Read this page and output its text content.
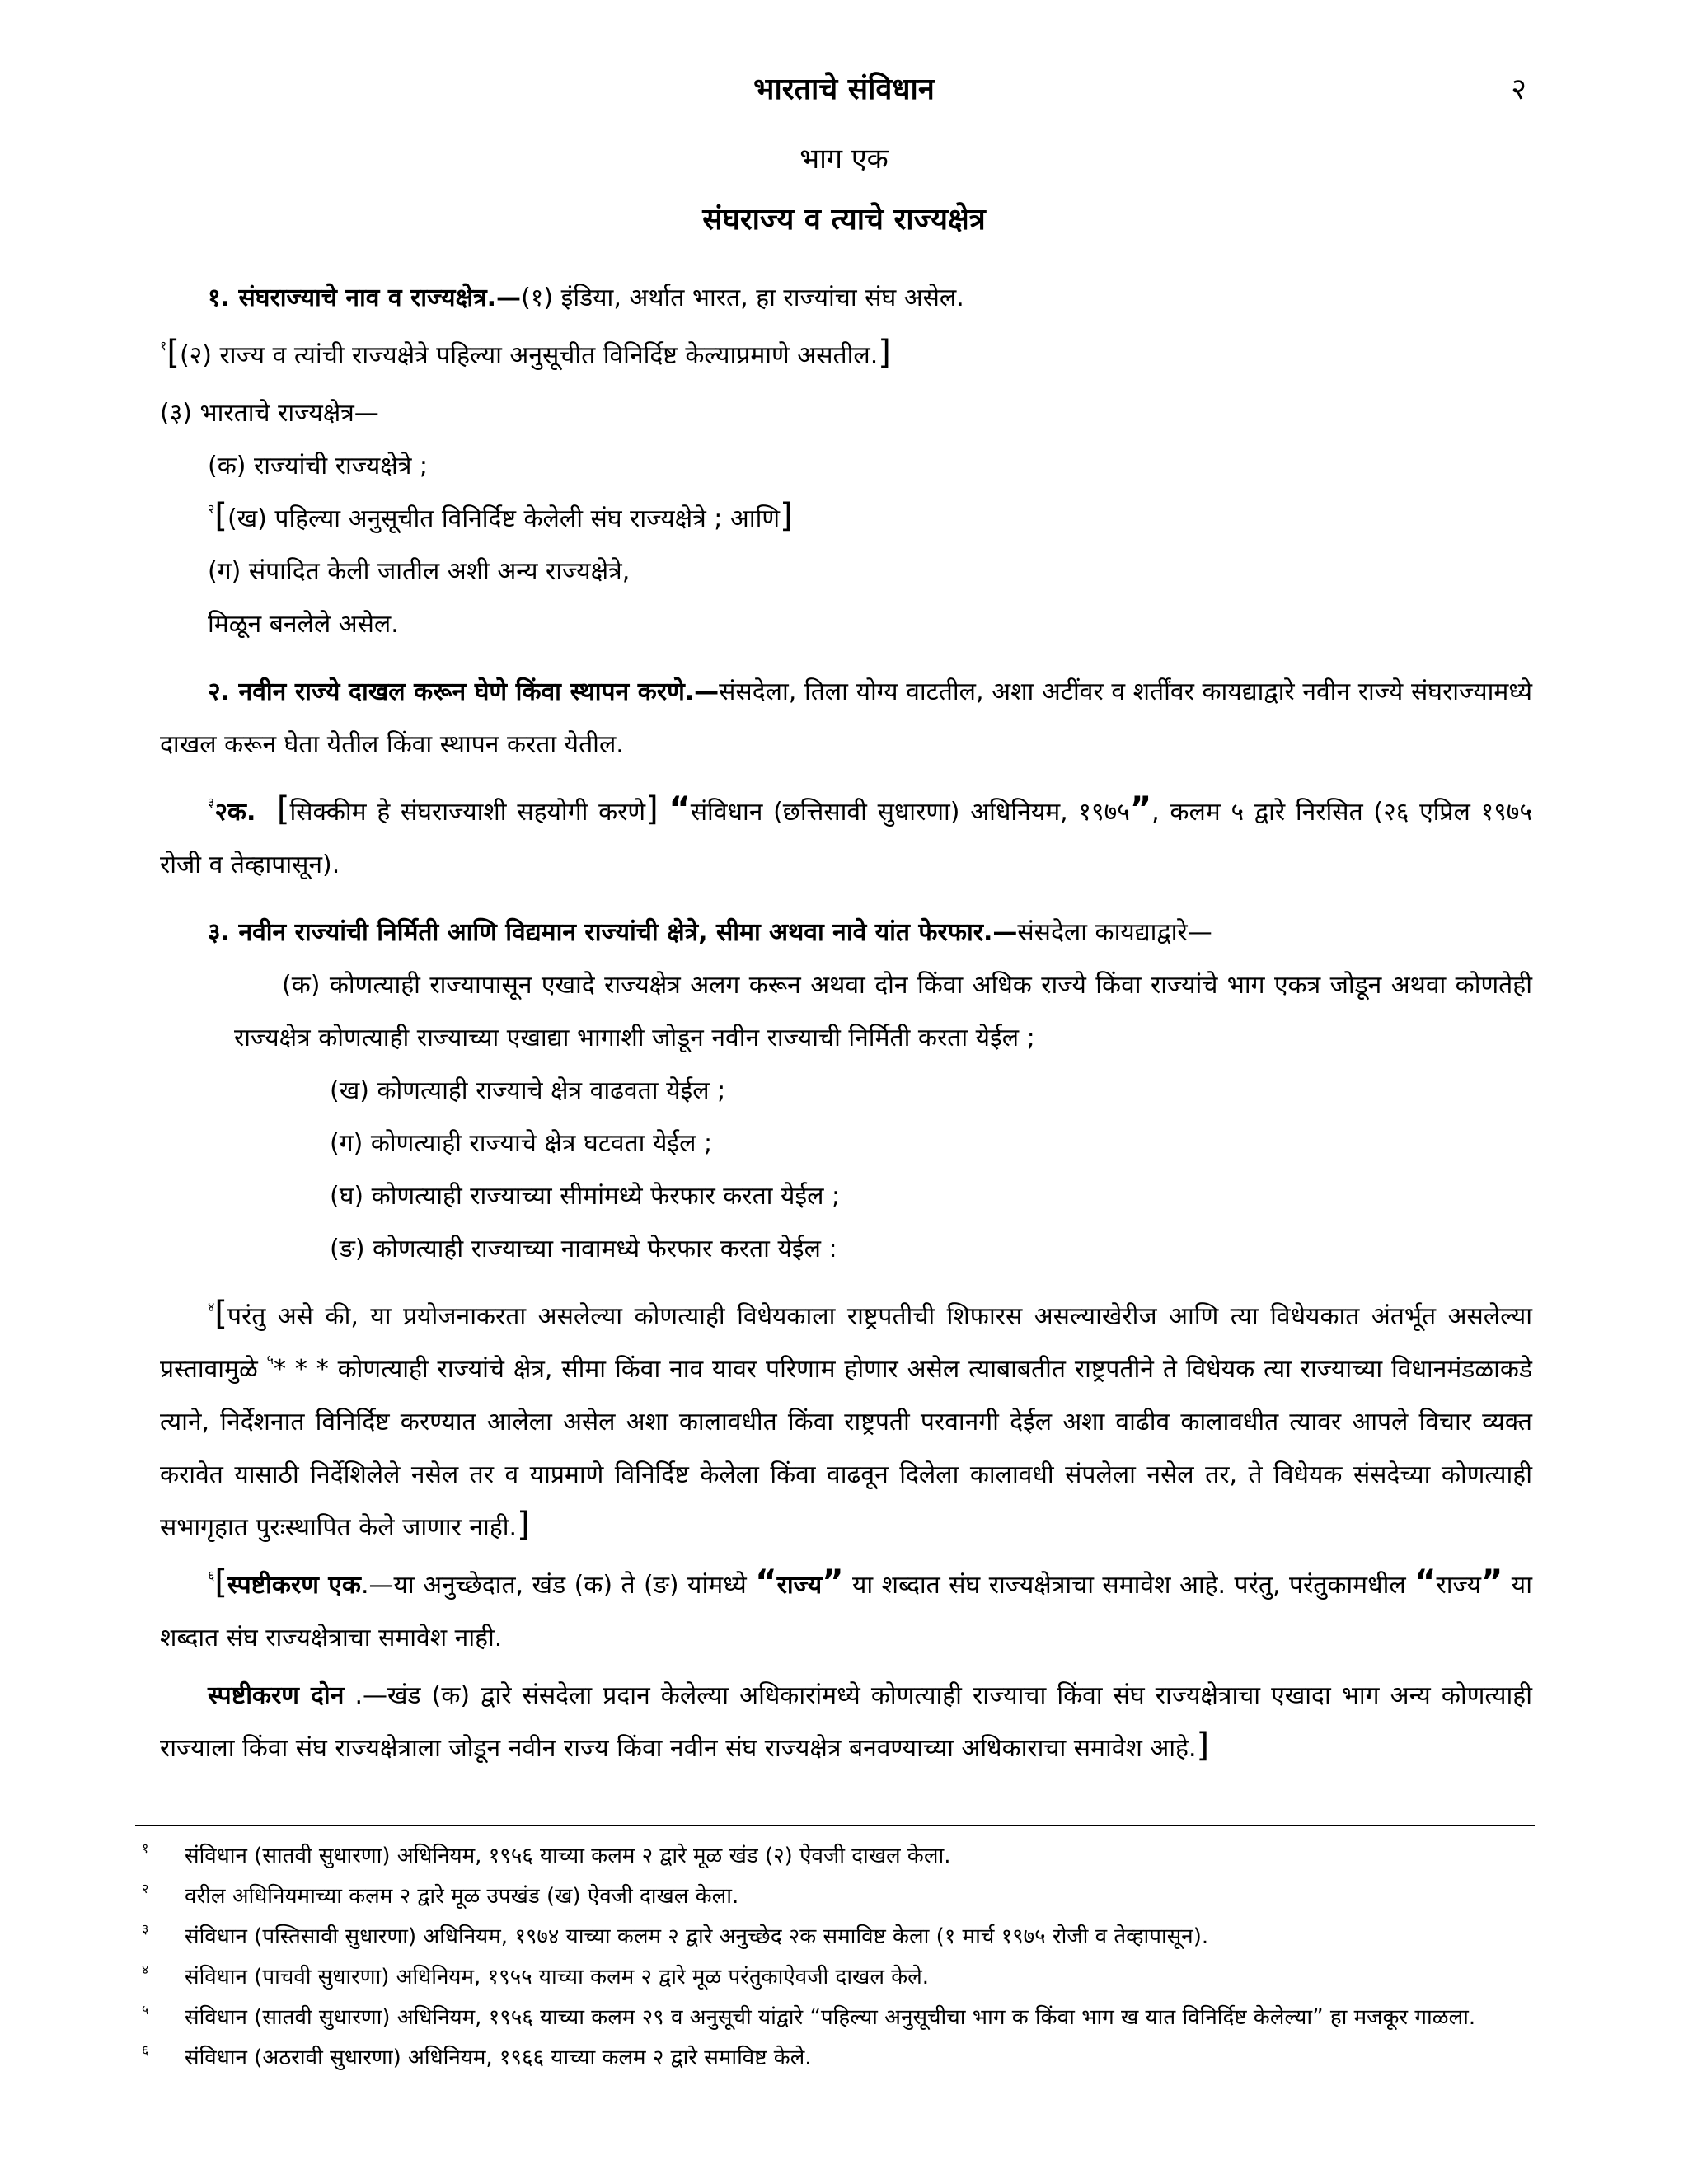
भारताचे संविधान	२
भाग एक
संघराज्य व त्याचे राज्यक्षेत्र

१. संघराज्याचे नाव व राज्यक्षेत्र.—(१) इंडिया, अर्थात भारत, हा राज्यांचा संघ असेल.

$^१$[(२) राज्य व त्यांची राज्यक्षेत्रे पहिल्या अनुसूचीत विनिर्दिष्ट केल्याप्रमाणे असतील.]

(३) भारताचे राज्यक्षेत्र—

(क) राज्यांची राज्यक्षेत्रे ;

$^२$[(ख) पहिल्या अनुसूचीत विनिर्दिष्ट केलेली संघ राज्यक्षेत्रे ; आणि]

(ग) संपादित केली जातील अशी अन्य राज्यक्षेत्रे,

मिळून बनलेले असेल.

२. नवीन राज्ये दाखल करून घेणे किंवा स्थापन करणे.—संसदेला, तिला योग्य वाटतील, अशा अटींवर व शर्तींवर कायद्याद्वारे नवीन राज्ये संघराज्यामध्ये दाखल करून घेता येतील किंवा स्थापन करता येतील.

$^३$२क. [सिक्कीम हे संघराज्याशी सहयोगी करणे] “संविधान (छत्तिसावी सुधारणा) अधिनियम, १९७५”, कलम ५ द्वारे निरसित (२६ एप्रिल १९७५ रोजी व तेव्हापासून).

३. नवीन राज्यांची निर्मिती आणि विद्यमान राज्यांची क्षेत्रे, सीमा अथवा नावे यांत फेरफार.—संसदेला कायद्याद्वारे—

(क) कोणत्याही राज्यापासून एखादे राज्यक्षेत्र अलग करून अथवा दोन किंवा अधिक राज्ये किंवा राज्यांचे भाग एकत्र जोडून अथवा कोणतेही राज्यक्षेत्र कोणत्याही राज्याच्या एखाद्या भागाशी जोडून नवीन राज्याची निर्मिती करता येईल ;

(ख) कोणत्याही राज्याचे क्षेत्र वाढवता येईल ;

(ग) कोणत्याही राज्याचे क्षेत्र घटवता येईल ;

(घ) कोणत्याही राज्याच्या सीमांमध्ये फेरफार करता येईल ;

(ङ) कोणत्याही राज्याच्या नावामध्ये फेरफार करता येईल :

$^४$[परंतु असे की, या प्रयोजनाकरता असलेल्या कोणत्याही विधेयकाला राष्ट्रपतीची शिफारस असल्याखेरीज आणि त्या विधेयकात अंतर्भूत असलेल्या प्रस्तावामुळे $^५$* * * कोणत्याही राज्यांचे क्षेत्र, सीमा किंवा नाव यावर परिणाम होणार असेल त्याबाबतीत राष्ट्रपतीने ते विधेयक त्या राज्याच्या विधानमंडळाकडे त्याने, निर्देशनात विनिर्दिष्ट करण्यात आलेला असेल अशा कालावधीत किंवा राष्ट्रपती परवानगी देईल अशा वाढीव कालावधीत त्यावर आपले विचार व्यक्त करावेत यासाठी निर्देशिलेले नसेल तर व याप्रमाणे विनिर्दिष्ट केलेला किंवा वाढवून दिलेला कालावधी संपलेला नसेल तर, ते विधेयक संसदेच्या कोणत्याही सभागृहात पुरःस्थापित केले जाणार नाही.]

$^६$[स्पष्टीकरण एक.—या अनुच्छेदात, खंड (क) ते (ङ) यांमध्ये “राज्य” या शब्दात संघ राज्यक्षेत्राचा समावेश आहे. परंतु, परंतुकामधील “राज्य” या शब्दात संघ राज्यक्षेत्राचा समावेश नाही.

स्पष्टीकरण दोन .—खंड (क) द्वारे संसदेला प्रदान केलेल्या अधिकारांमध्ये कोणत्याही राज्याचा किंवा संघ राज्यक्षेत्राचा एखादा भाग अन्य कोणत्याही राज्याला किंवा संघ राज्यक्षेत्राला जोडून नवीन राज्य किंवा नवीन संघ राज्यक्षेत्र बनवण्याच्या अधिकाराचा समावेश आहे.]

१	संविधान (सातवी सुधारणा) अधिनियम, १९५६ याच्या कलम २ द्वारे मूळ खंड (२) ऐवजी दाखल केला.
२	वरील अधिनियमाच्या कलम २ द्वारे मूळ उपखंड (ख) ऐवजी दाखल केला.
३	संविधान (पस्तिसावी सुधारणा) अधिनियम, १९७४ याच्या कलम २ द्वारे अनुच्छेद २क समाविष्ट केला (१ मार्च १९७५ रोजी व तेव्हापासून).
४	संविधान (पाचवी सुधारणा) अधिनियम, १९५५ याच्या कलम २ द्वारे मूळ परंतुकाऐवजी दाखल केले.
५	संविधान (सातवी सुधारणा) अधिनियम, १९५६ याच्या कलम २९ व अनुसूची यांद्वारे “पहिल्या अनुसूचीचा भाग क किंवा भाग ख यात विनिर्दिष्ट केलेल्या” हा मजकूर गाळला.
६	संविधान (अठरावी सुधारणा) अधिनियम, १९६६ याच्या कलम २ द्वारे समाविष्ट केले.
